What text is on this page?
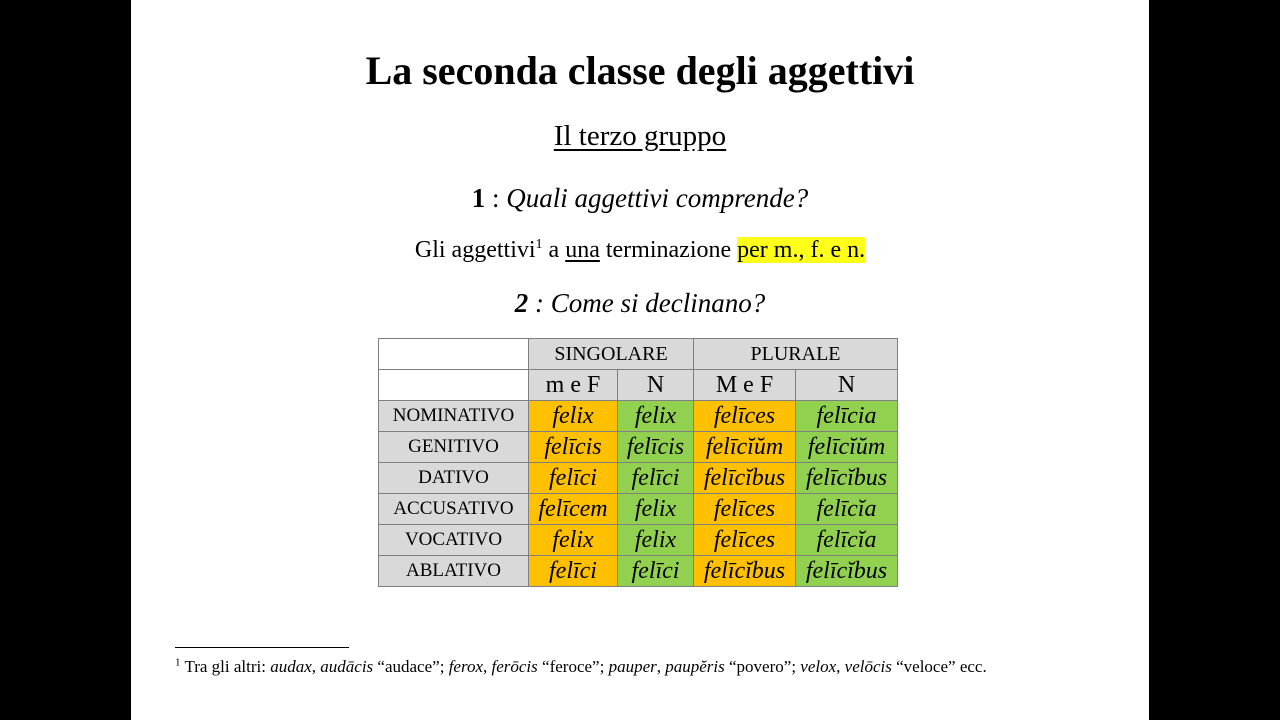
La seconda classe degli aggettivi
Il terzo gruppo
1 : Quali aggettivi comprende?
Gli aggettivi$^1$ a una terminazione per m., f. e n.
2 : Come si declinano?
	SINGOLARE		PLURALE	
	m e F	N	M e F	N
NOMINATIVO	felix	felix	felīces	felīcia
GENITIVO	felīcis	felīcis	felīcĭŭm	felīcĭŭm
DATIVO	felīci	felīci	felīcĭbus	felīcĭbus
ACCUSATIVO	felīcem	felix	felīces	felīcĭa
VOCATIVO	felix	felix	felīces	felīcĭa
ABLATIVO	felīci	felīci	felīcĭbus	felīcĭbus
$^1$ Tra gli altri: audax, audācis “audace”; ferox, ferōcis “feroce”; pauper, paupĕris “povero”; velox, velōcis “veloce” ecc.
